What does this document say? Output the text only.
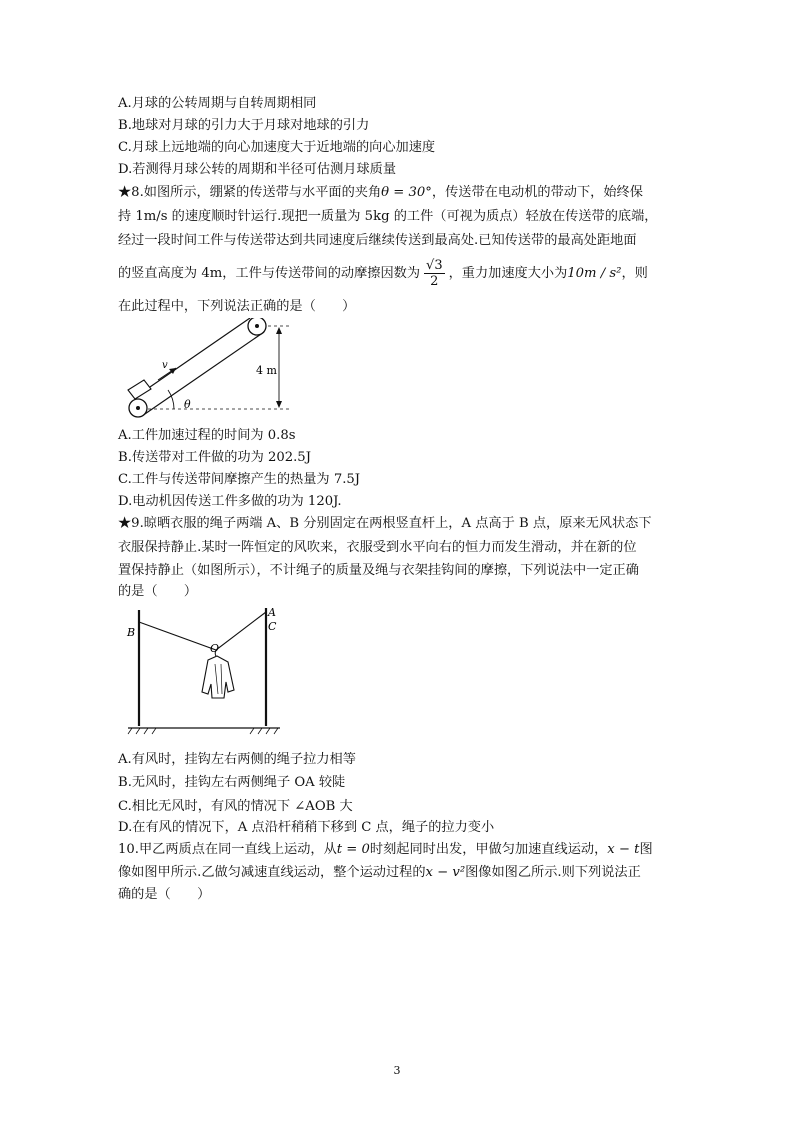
A.月球的公转周期与自转周期相同
B.地球对月球的引力大于月球对地球的引力
C.月球上远地端的向心加速度大于近地端的向心加速度
D.若测得月球公转的周期和半径可估测月球质量
★8.如图所示，绷紧的传送带与水平面的夹角θ = 30°，传送带在电动机的带动下，始终保
持 1m/s 的速度顺时针运行.现把一质量为 5kg 的工件（可视为质点）轻放在传送带的底端，
经过一段时间工件与传送带达到共同速度后继续传送到最高处.已知传送带的最高处距地面
的竖直高度为 4m，工件与传送带间的动摩擦因数为 $\frac{√3}{2}$ ，重力加速度大小为10m / s²，则
在此过程中，下列说法正确的是（　　）
v
θ
4 m
A.工件加速过程的时间为 0.8s
B.传送带对工件做的功为 202.5J
C.工件与传送带间摩擦产生的热量为 7.5J
D.电动机因传送工件多做的功为 120J.
★9.晾晒衣服的绳子两端 A、B 分别固定在两根竖直杆上，A 点高于 B 点，原来无风状态下
衣服保持静止.某时一阵恒定的风吹来，衣服受到水平向右的恒力而发生滑动，并在新的位
置保持静止（如图所示），不计绳子的质量及绳与衣架挂钩间的摩擦，下列说法中一定正确
的是（　　）
B
A
C
O
A.有风时，挂钩左右两侧的绳子拉力相等
B.无风时，挂钩左右两侧绳子 OA 较陡
C.相比无风时，有风的情况下 ∠AOB 大
D.在有风的情况下，A 点沿杆稍稍下移到 C 点，绳子的拉力变小
10.甲乙两质点在同一直线上运动，从t = 0时刻起同时出发，甲做匀加速直线运动，x − t图
像如图甲所示.乙做匀减速直线运动，整个运动过程的x − v²图像如图乙所示.则下列说法正
确的是（　　）
3
